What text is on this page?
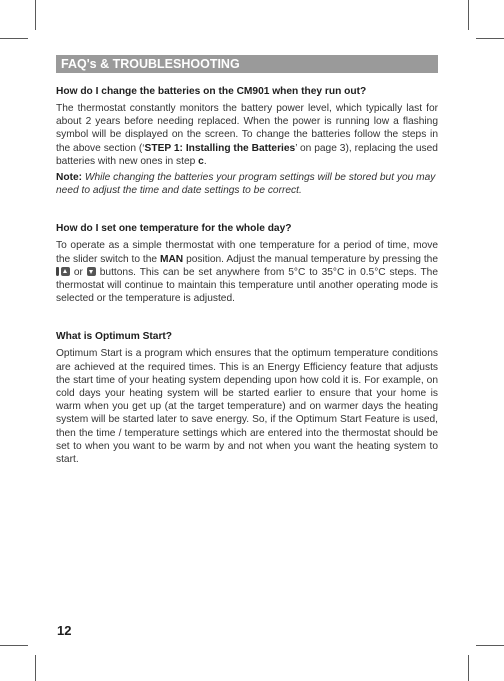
FAQ's & TROUBLESHOOTING

How do I change the batteries on the CM901 when they run out?

The thermostat constantly monitors the battery power level, which typically last for about 2 years before needing replaced. When the power is running low a flashing symbol will be displayed on the screen. To change the batteries follow the steps in the above section (‘STEP 1: Installing the Batteries’ on page 3), replacing the used batteries with new ones in step c.

Note: While changing the batteries your program settings will be stored but you may need to adjust the time and date settings to be correct.

How do I set one temperature for the whole day?

To operate as a simple thermostat with one temperature for a period of time, move the slider switch to the MAN position. Adjust the manual temperature by pressing the  or  buttons. This can be set anywhere from 5°C to 35°C in 0.5°C steps. The thermostat will continue to maintain this temperature until another operating mode is selected or the temperature is adjusted.

What is Optimum Start?

Optimum Start is a program which ensures that the optimum temperature conditions are achieved at the required times. This is an Energy Efficiency feature that adjusts the start time of your heating system depending upon how cold it is. For example, on cold days your heating system will be started earlier to ensure that your home is warm when you get up (at the target temperature) and on warmer days the heating system will be started later to save energy. So, if the Optimum Start Feature is used, then the time / temperature settings which are entered into the thermostat should be set to when you want to be warm by and not when you want the heating system to start.

12
